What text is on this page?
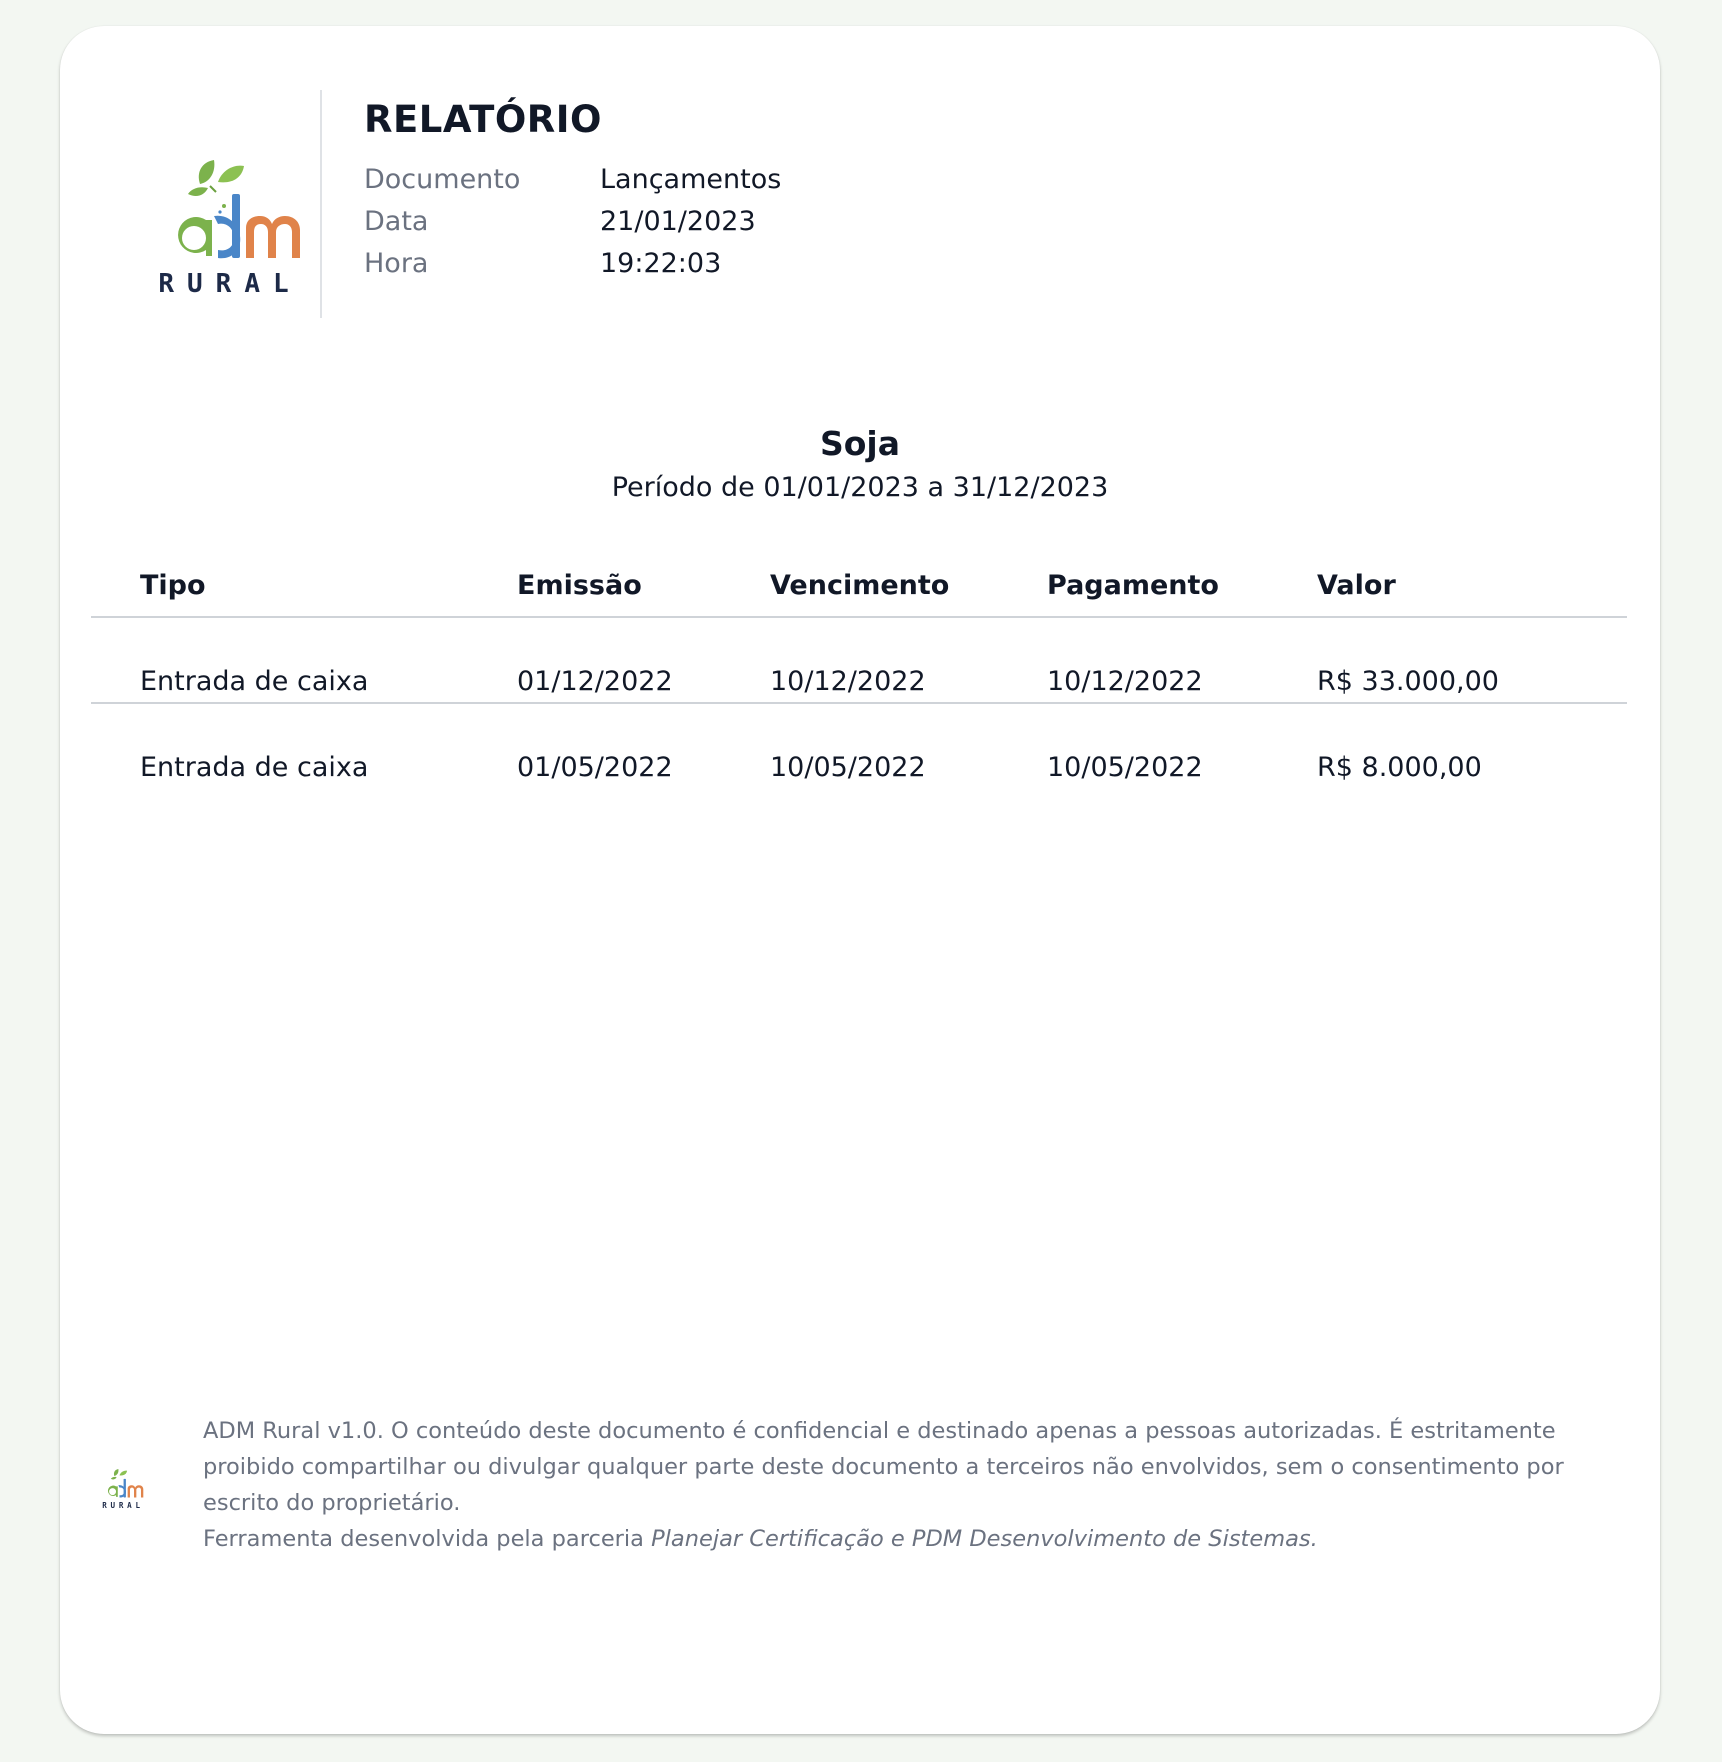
RURAL
RELATÓRIO
Documento	Lançamentos
Data	21/01/2023
Hora	19:22:03
Soja
Período de 01/01/2023 a 31/12/2023
Tipo	Emissão	Vencimento	Pagamento	Valor
Entrada de caixa	01/12/2022	10/12/2022	10/12/2022	R$ 33.000,00
Entrada de caixa	01/05/2022	10/05/2022	10/05/2022	R$ 8.000,00
RURAL
ADM Rural v1.0. O conteúdo deste documento é confidencial e destinado apenas a pessoas autorizadas. É estritamente proibido compartilhar ou divulgar qualquer parte deste documento a terceiros não envolvidos, sem o consentimento por escrito do proprietário.
Ferramenta desenvolvida pela parceria Planejar Certificação e PDM Desenvolvimento de Sistemas.
